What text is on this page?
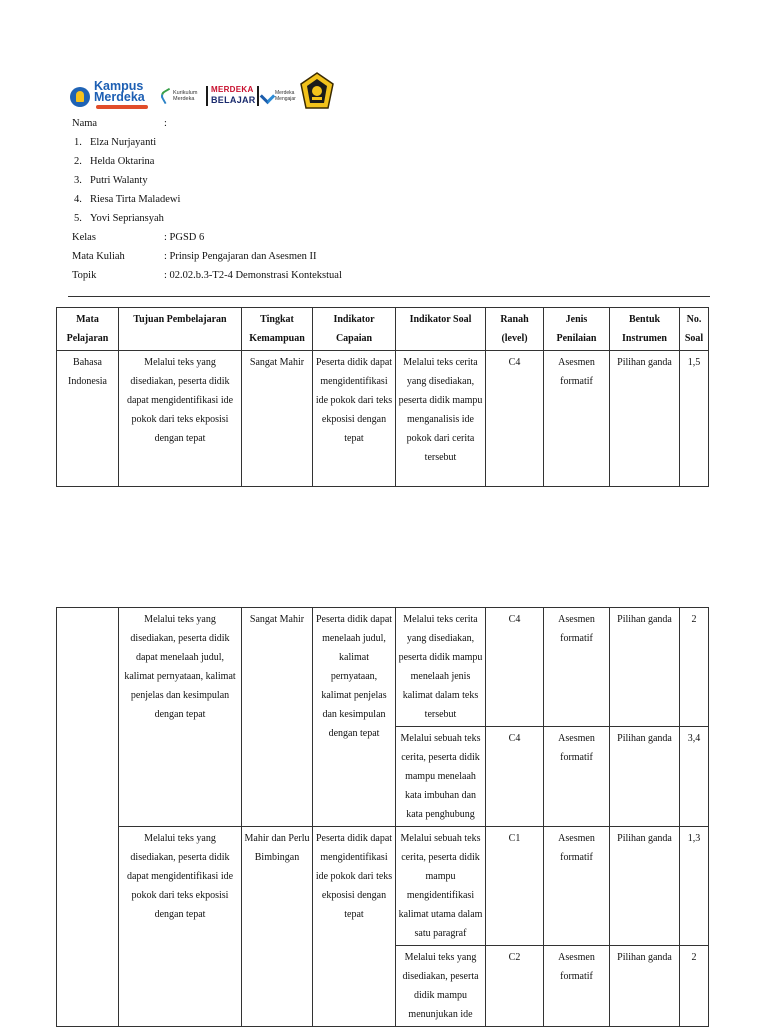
Kampus
Merdeka	Kurikulum
Merdeka
MERDEKA
BELAJAR
Merdeka
Mengajar
Nama	:
1. Elza Nurjayanti
2. Helda Oktarina
3. Putri Walanty
4. Riesa Tirta Maladewi
5. Yovi Sepriansyah
Kelas	: PGSD 6
Mata Kuliah	: Prinsip Pengajaran dan Asesmen II
Topik	: 02.02.b.3-T2-4 Demonstrasi Kontekstual
Mata Pelajaran	Tujuan Pembelajaran	Tingkat Kemampuan	Indikator Capaian	Indikator Soal	Ranah (level)	Jenis Penilaian	Bentuk Instrumen	No. Soal
Bahasa Indonesia	Melalui teks yang disediakan, peserta didik dapat mengidentifikasi ide pokok dari teks ekposisi dengan tepat	Sangat Mahir	Peserta didik dapat mengidentifikasi ide pokok dari teks ekposisi dengan tepat	Melalui teks cerita yang disediakan, peserta didik mampu menganalisis ide pokok dari cerita tersebut	C4	Asesmen formatif	Pilihan ganda	1,5
	Melalui teks yang disediakan, peserta didik dapat menelaah judul, kalimat pernyataan, kalimat penjelas dan kesimpulan dengan tepat	Sangat Mahir	Peserta didik dapat menelaah judul, kalimat pernyataan, kalimat penjelas dan kesimpulan dengan tepat	Melalui teks cerita yang disediakan, peserta didik mampu menelaah jenis kalimat dalam teks tersebut	C4	Asesmen formatif	Pilihan ganda	2
				Melalui sebuah teks cerita, peserta didik mampu menelaah kata imbuhan dan kata penghubung	C4	Asesmen formatif	Pilihan ganda	3,4
	Melalui teks yang disediakan, peserta didik dapat mengidentifikasi ide pokok dari teks ekposisi dengan tepat	Mahir dan Perlu Bimbingan	Peserta didik dapat mengidentifikasi ide pokok dari teks ekposisi dengan tepat	Melalui sebuah teks cerita, peserta didik mampu mengidentifikasi kalimat utama dalam satu paragraf	C1	Asesmen formatif	Pilihan ganda	1,3
				Melalui teks yang disediakan, peserta didik mampu menunjukan ide	C2	Asesmen formatif	Pilihan ganda	2
